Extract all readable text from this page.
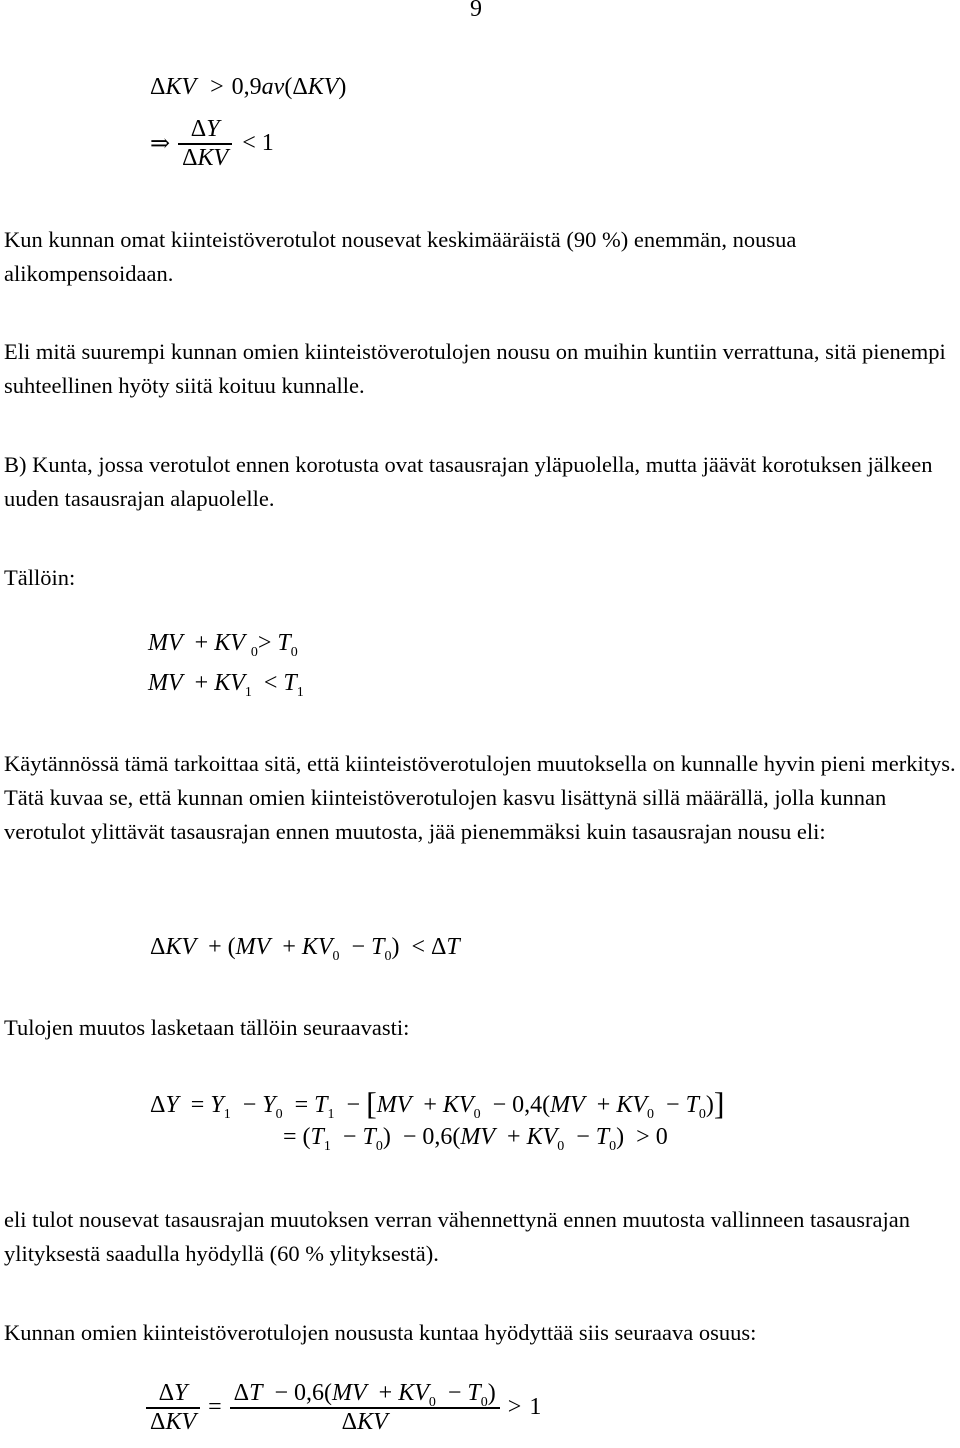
9
ΔKV > 0,9av(ΔKV)
⇒ $\frac{\Delta Y}{\text{ΔKV}} < 1$
Kun kunnan omat kiinteistöverotulot nousevat keskimääräistä (90 %) enemmän, nousua alikompensoidaan.
Eli mitä suurempi kunnan omien kiinteistöverotulojen nousu on muihin kuntiin verrattuna, sitä pienempi suhteellinen hyöty siitä koituu kunnalle.
B) Kunta, jossa verotulot ennen korotusta ovat tasausrajan yläpuolella, mutta jäävät korotuksen jälkeen uuden tasausrajan alapuolelle.
Tällöin:
MV + KV $_0> T_0$
MV + $KV_1 < T_1$
Käytännössä tämä tarkoittaa sitä, että kiinteistöverotulojen muutoksella on kunnalle hyvin pieni merkitys. Tätä kuvaa se, että kunnan omien kiinteistöverotulojen kasvu lisättynä sillä määrällä, jolla kunnan verotulot ylittävät tasausrajan ennen muutosta, jää pienemmäksi kuin tasausrajan nousu eli:
$\Delta KV + (MV + KV_0 - T_0) < \Delta T$
Tulojen muutos lasketaan tällöin seuraavasti:
$\Delta Y = Y_1 - Y_0 = T_1 - [MV + KV_0 - 0,4(MV + KV_0 - T_0)]$
= $(T_1 - T_0) - 0,6(MV + KV_0 - T_0) > 0$
eli tulot nousevat tasausrajan muutoksen verran vähennettynä ennen muutosta vallinneen tasausrajan ylityksestä saadulla hyödyllä (60 % ylityksestä).
Kunnan omien kiinteistöverotulojen noususta kuntaa hyödyttää siis seuraava osuus:
$\frac{\Delta Y}{\text{ΔKV}} = \frac{\Delta T - 0,6(MV + KV_0 - T_0)}{\text{ΔKV}} > 1$
